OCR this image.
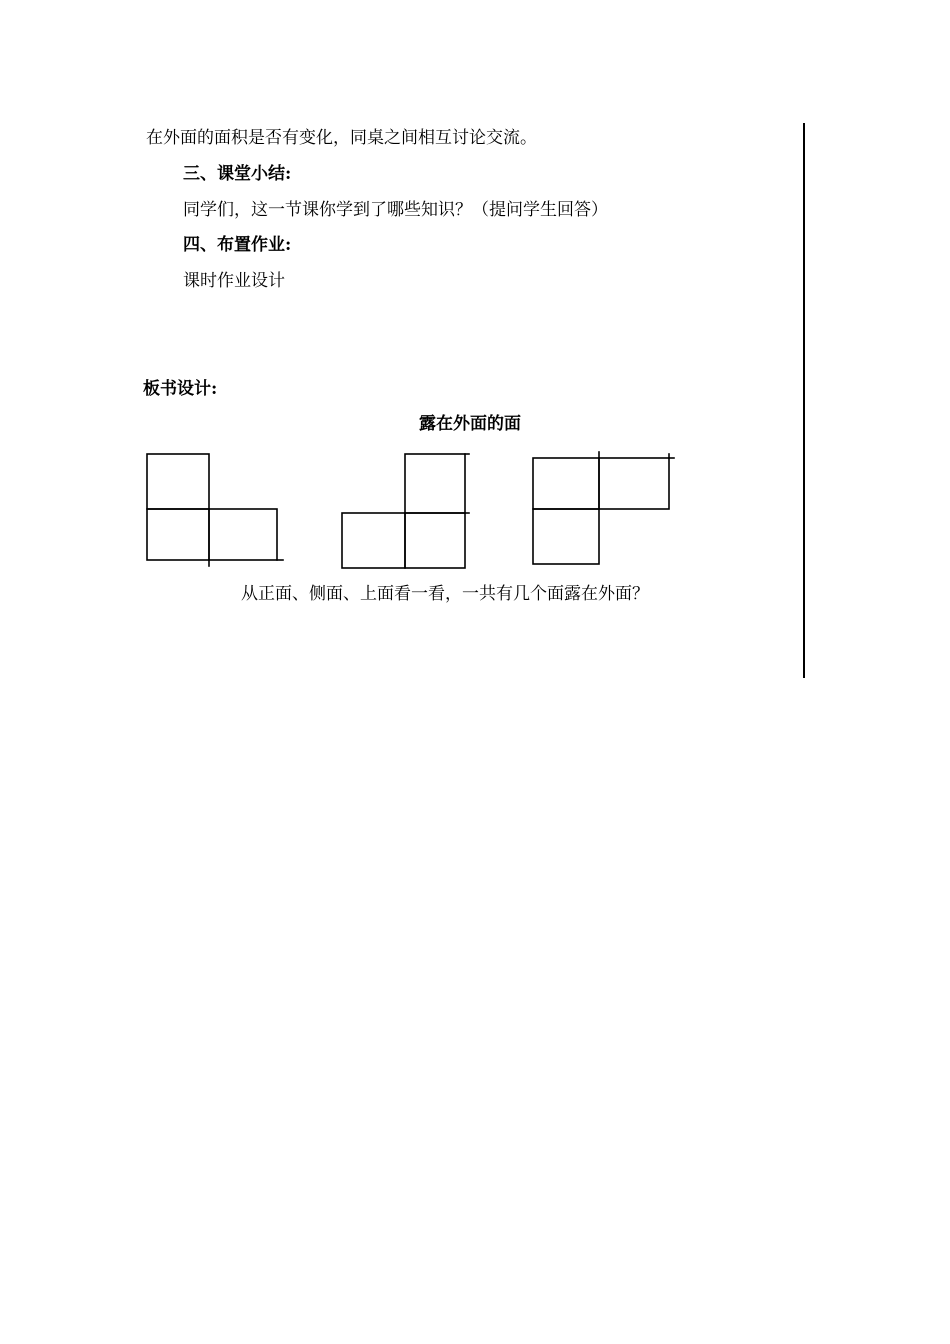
在外面的面积是否有变化，同桌之间相互讨论交流。
三、课堂小结:
同学们，这一节课你学到了哪些知识？（提问学生回答）
四、布置作业:
课时作业设计
板书设计:
露在外面的面
从正面、侧面、上面看一看，一共有几个面露在外面？
